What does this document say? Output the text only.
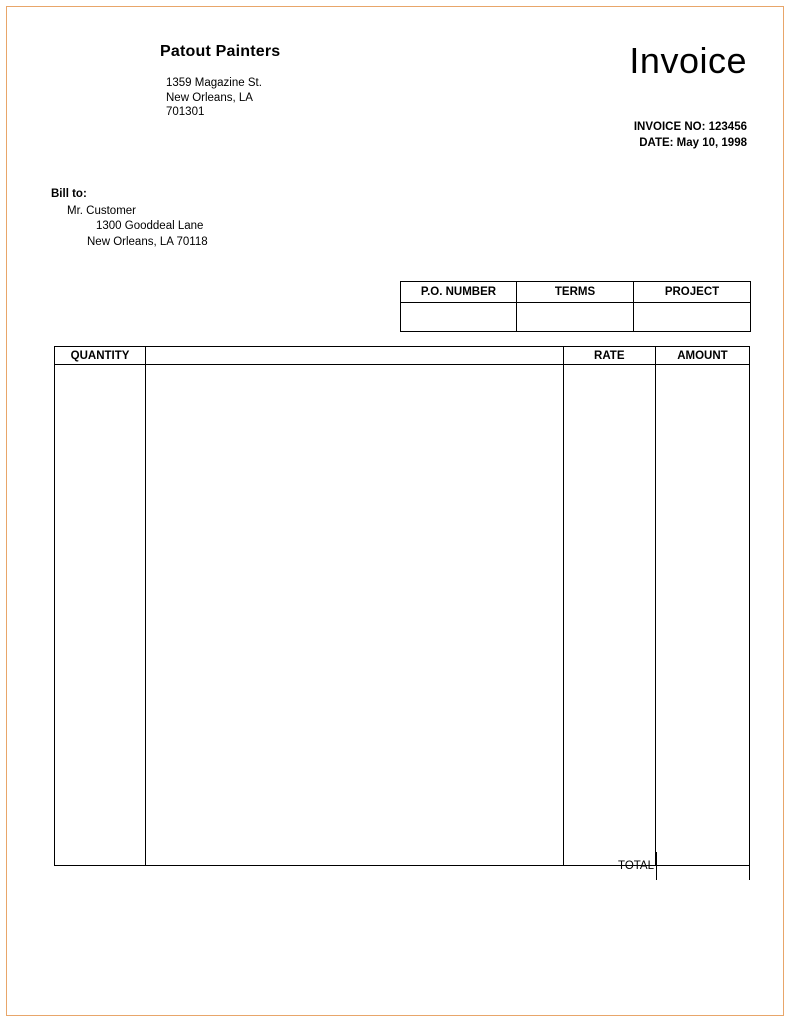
Patout Painters
1359 Magazine St.
New Orleans, LA
701301
Invoice
INVOICE NO: 123456
DATE: May 10, 1998
Bill to:
Mr. Customer
1300 Gooddeal Lane
New Orleans, LA 70118
P.O. NUMBER	TERMS	PROJECT

QUANTITY		RATE	AMOUNT

TOTAL
